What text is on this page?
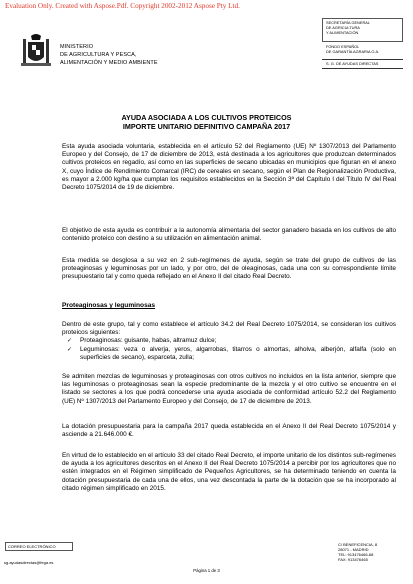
Evaluation Only. Created with Aspose.Pdf. Copyright 2002-2012 Aspose Pty Ltd.
MINISTERIO
DE AGRICULTURA Y PESCA,
ALIMENTACIÓN Y MEDIO AMBIENTE
SECRETARÍA GENERAL
DE AGRICULTURA
Y ALIMENTACIÓN
FONDO ESPAÑOL
DE GARANTÍA AGRARIA O.A.
S. G. DE AYUDAS DIRECTAS
AYUDA ASOCIADA A LOS CULTIVOS PROTEICOS
IMPORTE UNITARIO DEFINITIVO CAMPAÑA 2017

Esta ayuda asociada voluntaria, establecida en el artículo 52 del Reglamento (UE) Nº 1307/2013 del Parlamento Europeo y del Consejo, de 17 de diciembre de 2013, está destinada a los agricultores que produzcan determinados cultivos proteicos en regadío, así como en las superficies de secano ubicadas en municipios que figuran en el anexo X, cuyo Índice de Rendimiento Comarcal (IRC) de cereales en secano, según el Plan de Regionalización Productiva, es mayor a 2.000 kg/ha que cumplan los requisitos establecidos en la Sección 3ª del Capítulo I del Título IV del Real Decreto 1075/2014 de 19 de diciembre.

El objetivo de esta ayuda es contribuir a la autonomía alimentaria del sector ganadero basada en los cultivos de alto contenido proteico con destino a su utilización en alimentación animal.

Esta medida se desglosa a su vez en 2 sub-regímenes de ayuda, según se trate del grupo de cultivos de las proteaginosas y leguminosas por un lado, y por otro, del de oleaginosas, cada una con su correspondiente límite presupuestario tal y como queda reflejado en el Anexo II del citado Real Decreto.

Proteaginosas y leguminosas
Dentro de este grupo, tal y como establece el artículo 34.2 del Real Decreto 1075/2014, se consideran los cultivos proteicos siguientes:
✓ Proteaginosas: guisante, habas, altramuz dulce;
✓ Leguminosas: veza o alverja, yeros, algarrobas, titarros o almortas, alholva, alberjón, alfalfa (solo en superficies de secano), esparceta, zulla;

Se admiten mezclas de leguminosas y proteaginosas con otros cultivos no incluidos en la lista anterior, siempre que las leguminosas o proteaginosas sean la especie predominante de la mezcla y el otro cultivo se encuentre en el listado se sectores a los que podrá concederse una ayuda asociada de conformidad artículo 52.2 del Reglamento (UE) Nº 1307/2013 del Parlamento Europeo y del Consejo, de 17 de diciembre de 2013.

La dotación presupuestaria para la campaña 2017 queda establecida en el Anexo II del Real Decreto 1075/2014 y asciende a 21.646.000 €.

En virtud de lo establecido en el artículo 33 del citado Real Decreto, el importe unitario de los distintos sub-regímenes de ayuda a los agricultores descritos en el Anexo II del Real Decreto 1075/2014 a percibir por los agricultores que no estén integrados en el Régimen simplificado de Pequeños Agricultores, se ha determinado teniendo en cuenta la dotación presupuestaria de cada una de ellos, una vez descontada la parte de la dotación que se ha incorporado al citado régimen simplificado en 2015.

CORREO ELECTRÓNICO
sg.ayudasdirectas@fega.es
Página 1 de 3
C/ BENEFICENCIA, 8
28071 - MADRID
TEL: 913476466-68
FAX: 913476465
